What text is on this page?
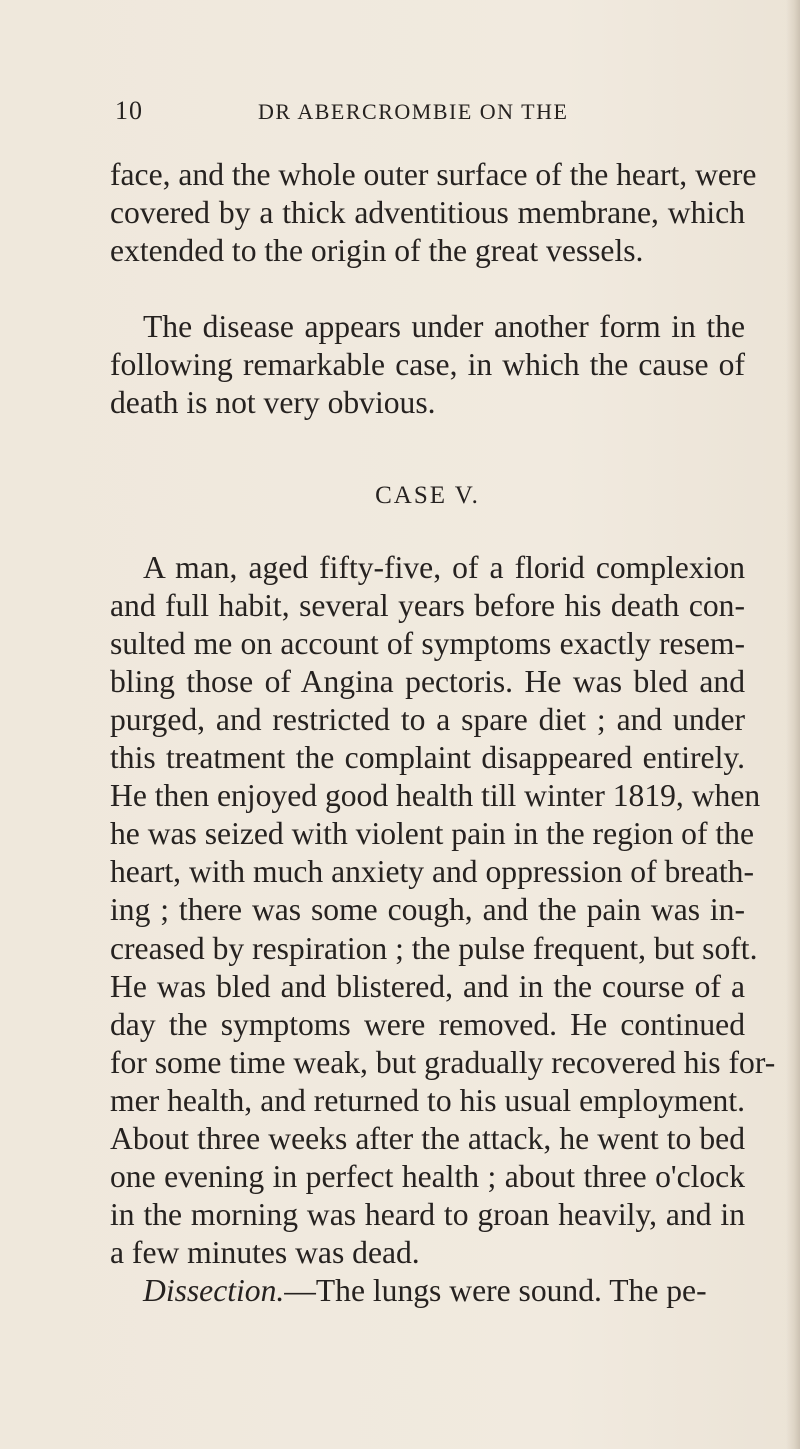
10	DR ABERCROMBIE ON THE
face, and the whole outer surface of the heart, were
covered by a thick adventitious membrane, which
extended to the origin of the great vessels.
The disease appears under another form in the
following remarkable case, in which the cause of
death is not very obvious.
CASE V.
A man, aged fifty-five, of a florid complexion
and full habit, several years before his death con-
sulted me on account of symptoms exactly resem-
bling those of Angina pectoris. He was bled and
purged, and restricted to a spare diet ; and under
this treatment the complaint disappeared entirely.
He then enjoyed good health till winter 1819, when
he was seized with violent pain in the region of the
heart, with much anxiety and oppression of breath-
ing ; there was some cough, and the pain was in-
creased by respiration ; the pulse frequent, but soft.
He was bled and blistered, and in the course of a
day the symptoms were removed. He continued
for some time weak, but gradually recovered his for-
mer health, and returned to his usual employment.
About three weeks after the attack, he went to bed
one evening in perfect health ; about three o'clock
in the morning was heard to groan heavily, and in
a few minutes was dead.
Dissection.—The lungs were sound. The pe-
